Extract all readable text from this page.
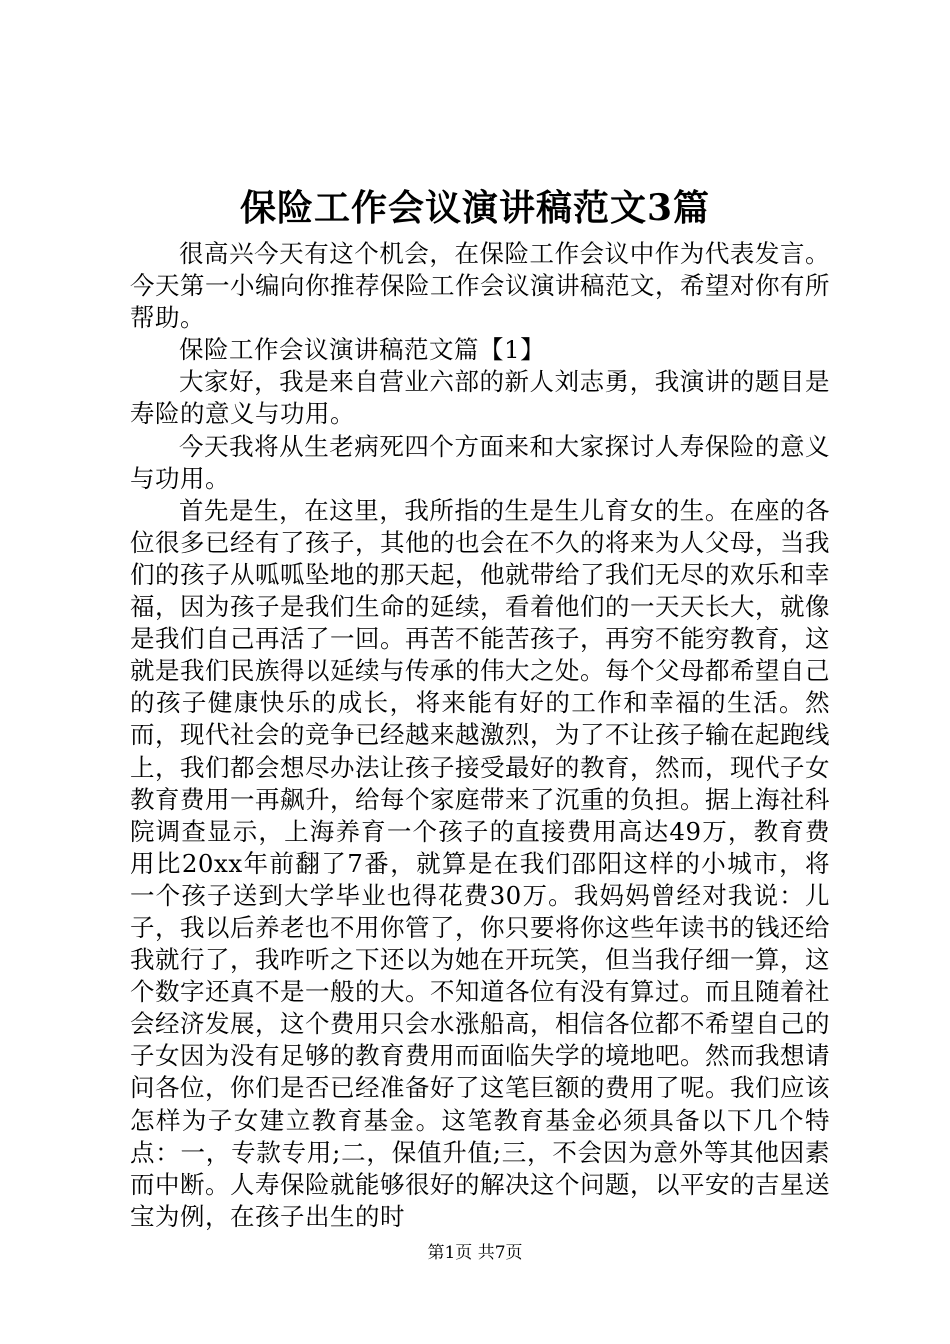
保险工作会议演讲稿范文3篇

很高兴今天有这个机会，在保险工作会议中作为代表发言。今天第一小编向你推荐保险工作会议演讲稿范文，希望对你有所帮助。

保险工作会议演讲稿范文篇【1】

大家好，我是来自营业六部的新人刘志勇，我演讲的题目是寿险的意义与功用。

今天我将从生老病死四个方面来和大家探讨人寿保险的意义与功用。

首先是生，在这里，我所指的生是生儿育女的生。在座的各位很多已经有了孩子，其他的也会在不久的将来为人父母，当我们的孩子从呱呱坠地的那天起，他就带给了我们无尽的欢乐和幸福，因为孩子是我们生命的延续，看着他们的一天天长大，就像是我们自己再活了一回。再苦不能苦孩子，再穷不能穷教育，这就是我们民族得以延续与传承的伟大之处。每个父母都希望自己的孩子健康快乐的成长，将来能有好的工作和幸福的生活。然而，现代社会的竞争已经越来越激烈，为了不让孩子输在起跑线上，我们都会想尽办法让孩子接受最好的教育，然而，现代子女教育费用一再飙升，给每个家庭带来了沉重的负担。据上海社科院调查显示，上海养育一个孩子的直接费用高达49万，教育费用比20xx年前翻了7番，就算是在我们邵阳这样的小城市，将一个孩子送到大学毕业也得花费30万。我妈妈曾经对我说：儿子，我以后养老也不用你管了，你只要将你这些年读书的钱还给我就行了，我咋听之下还以为她在开玩笑，但当我仔细一算，这个数字还真不是一般的大。不知道各位有没有算过。而且随着社会经济发展，这个费用只会水涨船高，相信各位都不希望自己的子女因为没有足够的教育费用而面临失学的境地吧。然而我想请问各位，你们是否已经准备好了这笔巨额的费用了呢。我们应该怎样为子女建立教育基金。这笔教育基金必须具备以下几个特点：一，专款专用;二，保值升值;三，不会因为意外等其他因素而中断。人寿保险就能够很好的解决这个问题，以平安的吉星送宝为例，在孩子出生的时

第1页 共7页
